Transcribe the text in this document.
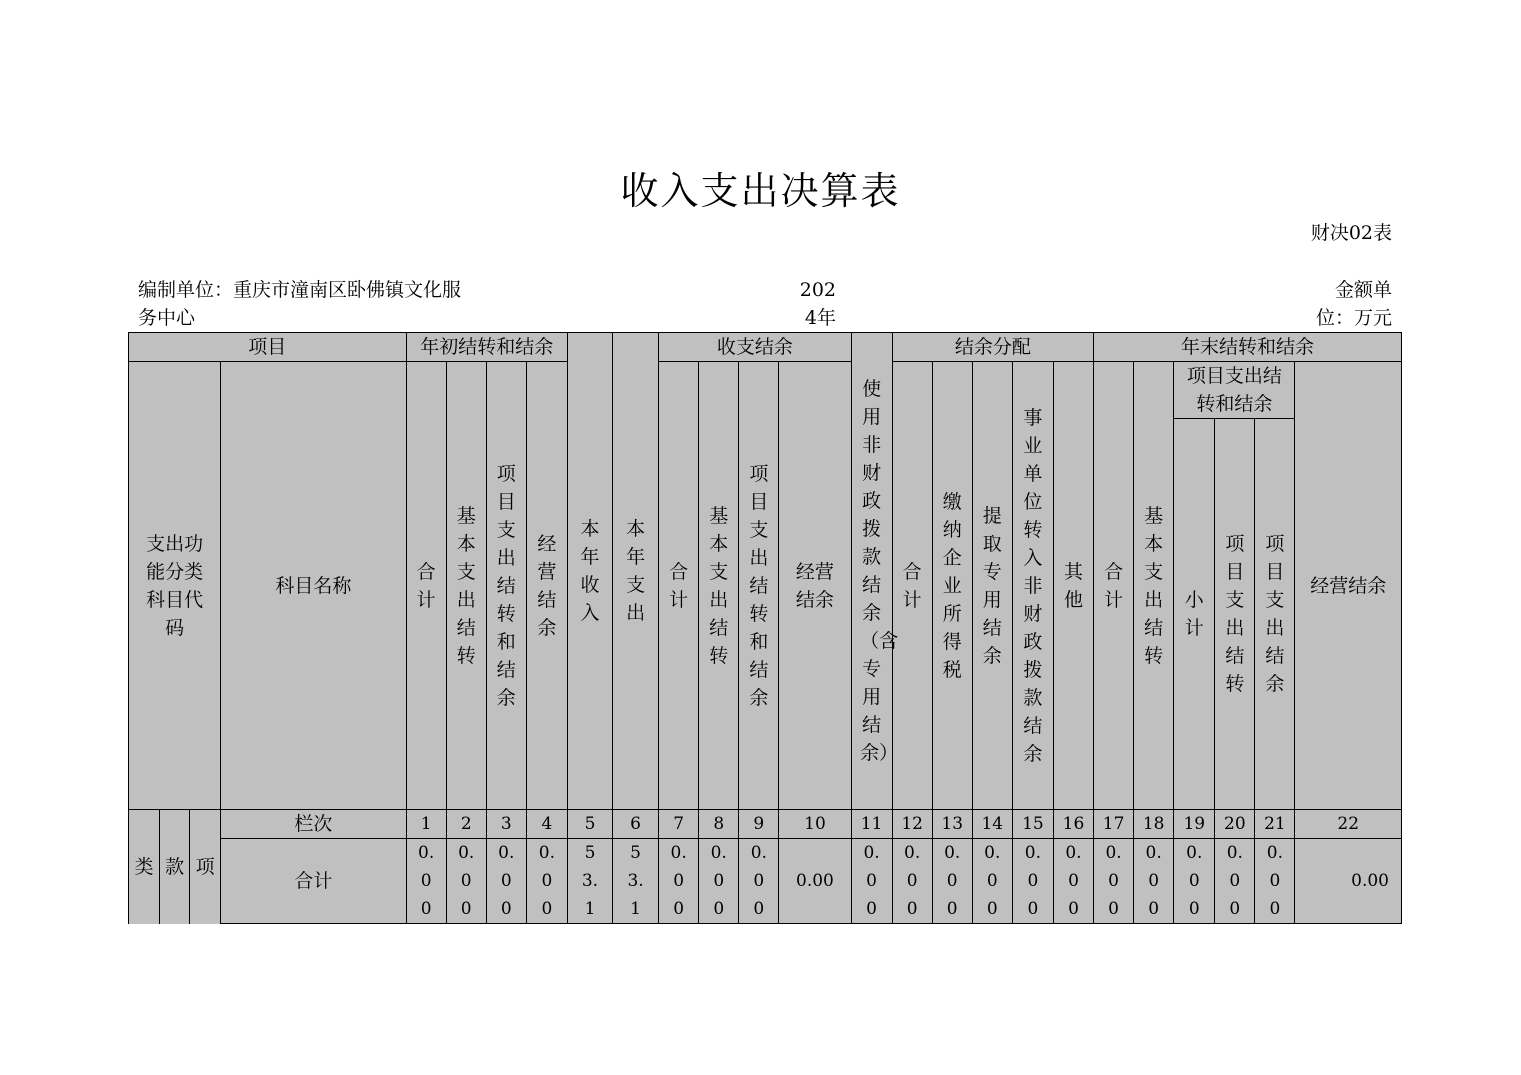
收入支出决算表
财决02表
编制单位：重庆市潼南区卧佛镇文化服务中心
2024年
金额单位：万元
项目				年初结转和结余				本年收入	本年支出	收支结余				使用非财政拨款结余（含专用结余）	结余分配					年末结转和结余					
支出功能分类科目代码			科目名称	合计	基本支出结转	项目支出结转和结余	经营结余			合计	基本支出结转	项目支出结转和结余	经营结余		合计	缴纳企业所得税	提取专用结余	事业单位转入非财政拨款结余	其他	合计	基本支出结转	项目支出结转和结余			经营结余
																						小计	项目支出结转	项目支出结余	
类	款	项	栏次	1	2	3	4	5	6	7	8	9	10	11	12	13	14	15	16	17	18	19	20	21	22
			合计	0.00	0.00	0.00	0.00	53.1	53.1	0.00	0.00	0.00	0.00	0.00	0.00	0.00	0.00	0.00	0.00	0.00	0.00	0.00	0.00	0.00	0.00
